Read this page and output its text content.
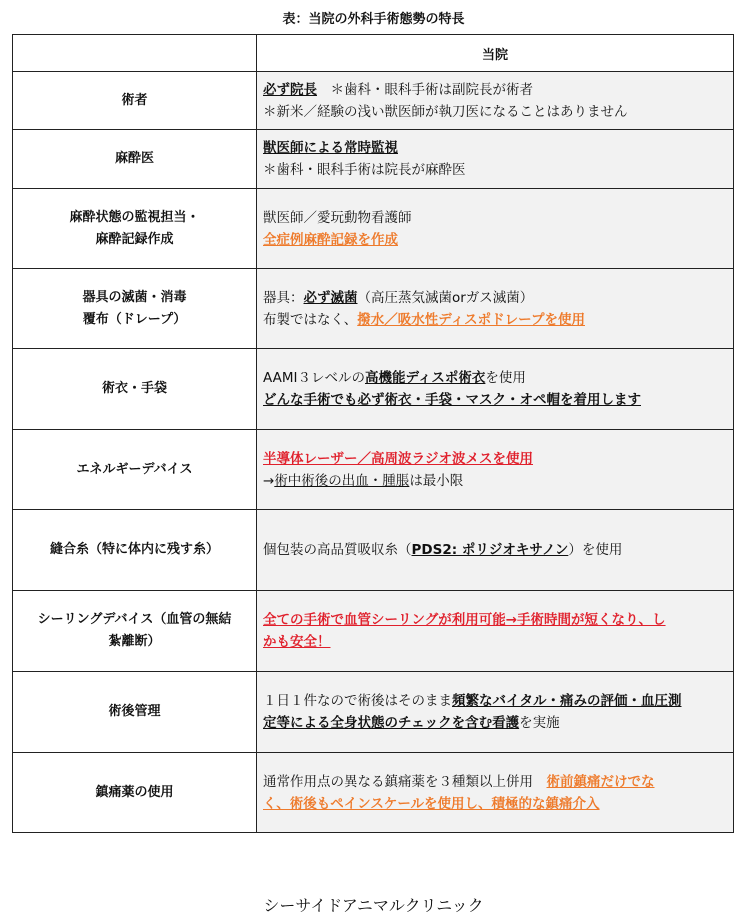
表：当院の外科手術態勢の特長
	当院
術者	必ず院長　＊歯科・眼科手術は副院長が術者
＊新米／経験の浅い獣医師が執刀医になることはありません
麻酔医	獣医師による常時監視
＊歯科・眼科手術は院長が麻酔医
麻酔状態の監視担当・
麻酔記録作成	獣医師／愛玩動物看護師
全症例麻酔記録を作成
器具の滅菌・消毒
覆布（ドレープ）	器具：必ず滅菌（高圧蒸気滅菌orガス滅菌）
布製ではなく、撥水／吸水性ディスポドレープを使用
術衣・手袋	AAMI３レベルの高機能ディスポ術衣を使用
どんな手術でも必ず術衣・手袋・マスク・オペ帽を着用します
エネルギーデバイス	半導体レーザー／高周波ラジオ波メスを使用
→術中術後の出血・腫脹は最小限
縫合糸（特に体内に残す糸）	個包装の高品質吸収糸（PDS2: ポリジオキサノン）を使用
シーリングデバイス（血管の無結
紮離断）	全ての手術で血管シーリングが利用可能→手術時間が短くなり、し
かも安全！
術後管理	１日１件なので術後はそのまま頻繁なバイタル・痛みの評価・血圧測
定等による全身状態のチェックを含む看護を実施
鎮痛薬の使用	通常作用点の異なる鎮痛薬を３種類以上併用　術前鎮痛だけでな
く、術後もペインスケールを使用し、積極的な鎮痛介入
シーサイドアニマルクリニック
